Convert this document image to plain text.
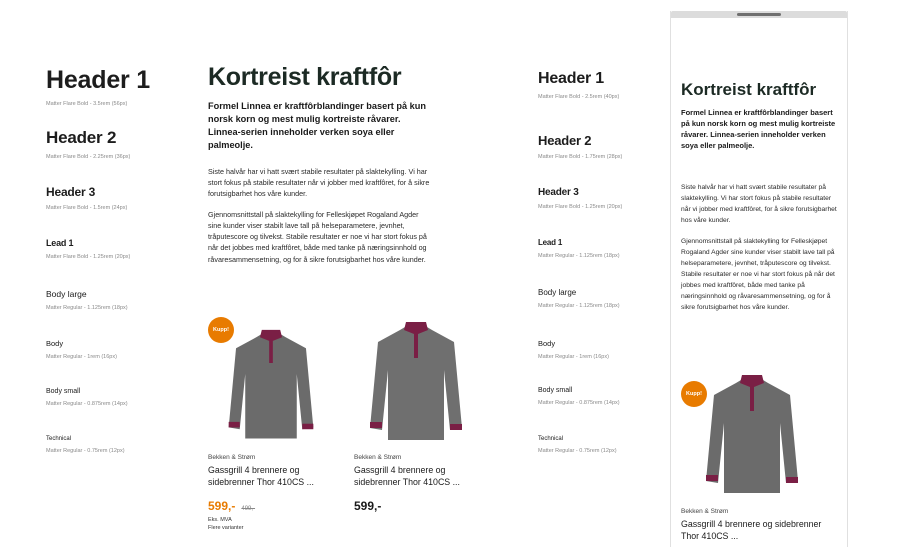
Header 1
Matter Flare Bold - 3.5rem (56px)
Header 2
Matter Flare Bold - 2.25rem (36px)
Header 3
Matter Flare Bold - 1.5rem (24px)
Lead 1
Matter Flare Bold - 1.25rem (20px)
Body large
Matter Regular - 1.125rem (18px)
Body
Matter Regular - 1rem (16px)
Body small
Matter Regular - 0.875rem (14px)
Technical
Matter Regular - 0.75rem (12px)
Kortreist kraftfôr
Formel Linnea er kraftfôrblandinger basert på kun norsk korn og mest mulig kortreiste råvarer. Linnea-serien inneholder verken soya eller palmeolje.

Siste halvår har vi hatt svært stabile resultater på slaktekylling. Vi har stort fokus på stabile resultater når vi jobber med kraftfôret, for å sikre forutsigbarhet hos våre kunder.

Gjennomsnittstall på slaktekylling for Felleskjøpet Rogaland Agder sine kunder viser stabilt lave tall på helseparametere, jevnhet, tråputescore og tilvekst. Stabile resultater er noe vi har stort fokus på når det jobbes med kraftfôret, både med tanke på næringsinnhold og råvaresammensetning, og for å sikre forutsigbarhet hos våre kunder.

Kupp!
Bekken & Strøm
Gassgrill 4 brennere og sidebrenner Thor 410CS ...
599,- 499,-
Eks. MVA
Flere varianter
Bekken & Strøm
Gassgrill 4 brennere og sidebrenner Thor 410CS ...
599,-
Header 1
Matter Flare Bold - 2.5rem (40px)
Header 2
Matter Flare Bold - 1.75rem (28px)
Header 3
Matter Flare Bold - 1.25rem (20px)
Lead 1
Matter Regular - 1.125rem (18px)
Body large
Matter Regular - 1.125rem (18px)
Body
Matter Regular - 1rem (16px)
Body small
Matter Regular - 0.875rem (14px)
Technical
Matter Regular - 0.75rem (12px)
Kortreist kraftfôr
Formel Linnea er kraftfôrblandinger basert på kun norsk korn og mest mulig kortreiste råvarer. Linnea-serien inneholder verken soya eller palmeolje.

Siste halvår har vi hatt svært stabile resultater på slaktekylling. Vi har stort fokus på stabile resultater når vi jobber med kraftfôret, for å sikre forutsigbarhet hos våre kunder.

Gjennomsnittstall på slaktekylling for Felleskjøpet Rogaland Agder sine kunder viser stabilt lave tall på helseparametere, jevnhet, tråputescore og tilvekst. Stabile resultater er noe vi har stort fokus på når det jobbes med kraftfôret, både med tanke på næringsinnhold og råvaresammensetning, og for å sikre forutsigbarhet hos våre kunder.

Kupp!
Bekken & Strøm
Gassgrill 4 brennere og sidebrenner Thor 410CS ...
